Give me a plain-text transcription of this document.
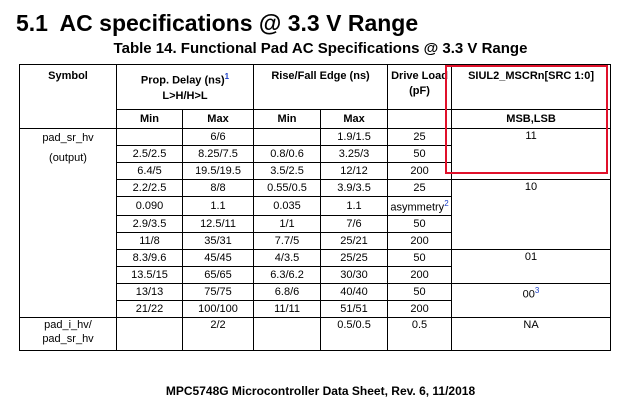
5.1 AC specifications @ 3.3 V Range
Table 14. Functional Pad AC Specifications @ 3.3 V Range
Symbol	Prop. Delay (ns)$^1$
L>H/H>L		Rise/Fall Edge (ns)		Drive Load (pF)	SIUL2_MSCRn[SRC 1:0]
	Min	Max	Min	Max		MSB,LSB

pad_sr_hv
(output)		6/6		1.9/1.5	25	11
	2.5/2.5	8.25/7.5	0.8/0.6	3.25/3	50	
	6.4/5	19.5/19.5	3.5/2.5	12/12	200	
	2.2/2.5	8/8	0.55/0.5	3.9/3.5	25	10
	0.090	1.1	0.035	1.1	asymmetry$^2$
	2.9/3.5	12.5/11	1/1	7/6	50	
	11/8	35/31	7.7/5	25/21	200	
	8.3/9.6	45/45	4/3.5	25/25	50	01
	13.5/15	65/65	6.3/6.2	30/30	200	
	13/13	75/75	6.8/6	40/40	50	$00^3$
	21/22	100/100	11/11	51/51	200	

pad_i_hv/
pad_sr_hv		2/2		0.5/0.5	0.5	NA
MPC5748G Microcontroller Data Sheet, Rev. 6, 11/2018
